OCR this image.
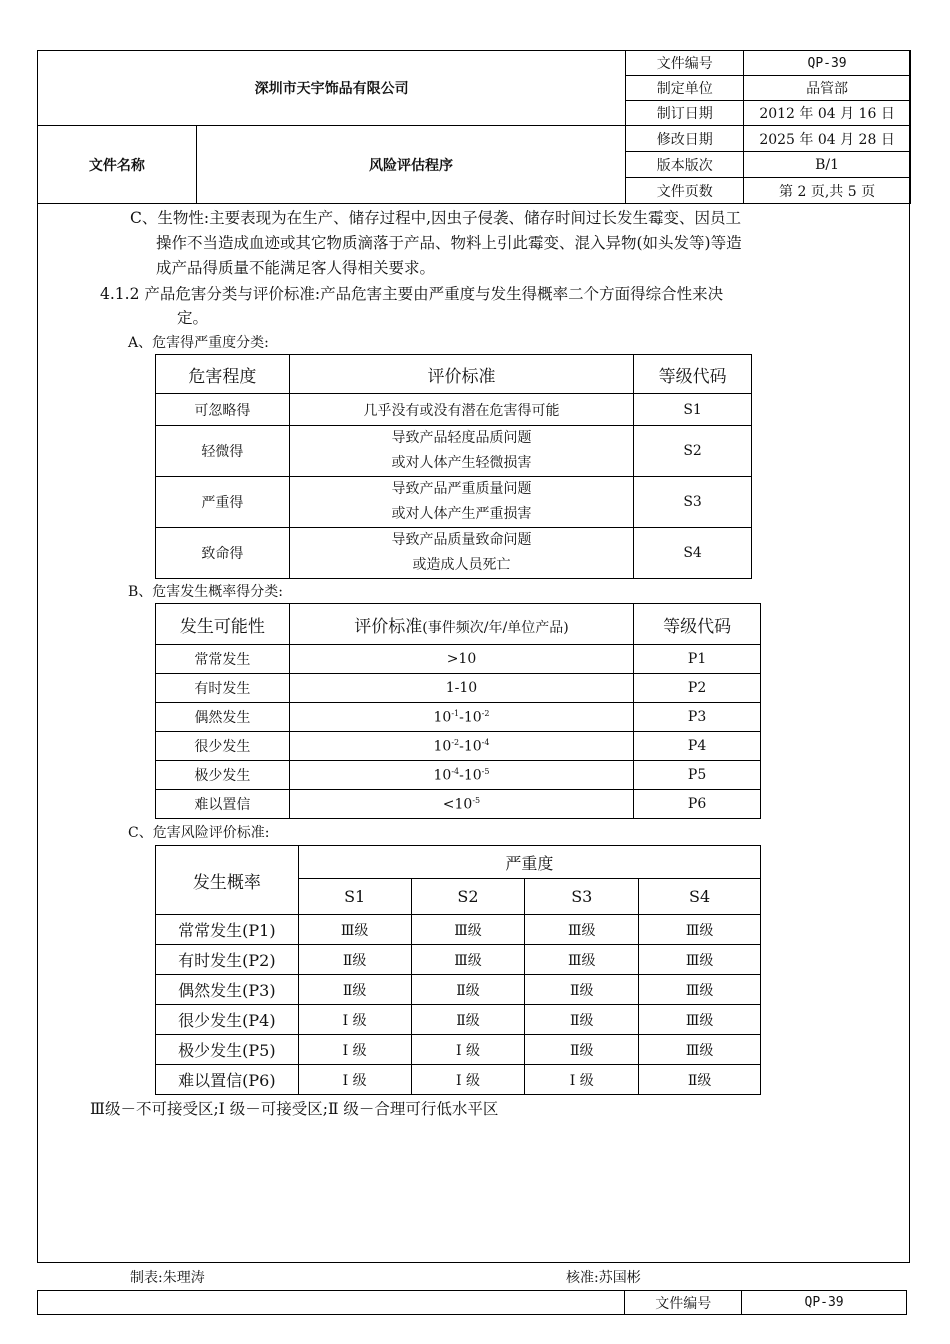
深圳市天宇饰品有限公司		文件编号	QP-39
		制定单位	品管部
		制订日期	2012 年 04 月 16 日
文件名称	风险评估程序	修改日期	2025 年 04 月 28 日
		版本版次	B/1
		文件页数	第 2 页,共 5 页
C、生物性:主要表现为在生产、储存过程中,因虫子侵袭、储存时间过长发生霉变、因员工
操作不当造成血迹或其它物质滴落于产品、物料上引此霉变、混入异物(如头发等)等造
成产品得质量不能满足客人得相关要求。
4.1.2 产品危害分类与评价标准:产品危害主要由严重度与发生得概率二个方面得综合性来决
定。
A、危害得严重度分类:
危害程度	评价标准	等级代码
可忽略得	几乎没有或没有潜在危害得可能	S1
轻微得	导致产品轻度品质问题
或对人体产生轻微损害	S2
严重得	导致产品严重质量问题
或对人体产生严重损害	S3
致命得	导致产品质量致命问题
或造成人员死亡	S4
B、危害发生概率得分类:
发生可能性	评价标准(事件频次/年/单位产品)	等级代码
常常发生	>10	P1
有时发生	1-10	P2
偶然发生	$10^{-1}-10^{-2}$	P3
很少发生	$10^{-2}-10^{-4}$	P4
极少发生	$10^{-4}-10^{-5}$	P5
难以置信	$<10^{-5}$	P6
C、危害风险评价标准:
发生概率	严重度			
	S1	S2	S3	S4
常常发生(P1)	Ⅲ级	Ⅲ级	Ⅲ级	Ⅲ级
有时发生(P2)	Ⅱ级	Ⅲ级	Ⅲ级	Ⅲ级
偶然发生(P3)	Ⅱ级	Ⅱ级	Ⅱ级	Ⅲ级
很少发生(P4)	Ⅰ 级	Ⅱ级	Ⅱ级	Ⅲ级
极少发生(P5)	Ⅰ 级	Ⅰ 级	Ⅱ级	Ⅲ级
难以置信(P6)	Ⅰ 级	Ⅰ 级	Ⅰ 级	Ⅱ级
Ⅲ级－不可接受区;Ⅰ 级－可接受区;Ⅱ 级－合理可行低水平区
制表:朱理涛	核准:苏国彬
	文件编号	QP-39
